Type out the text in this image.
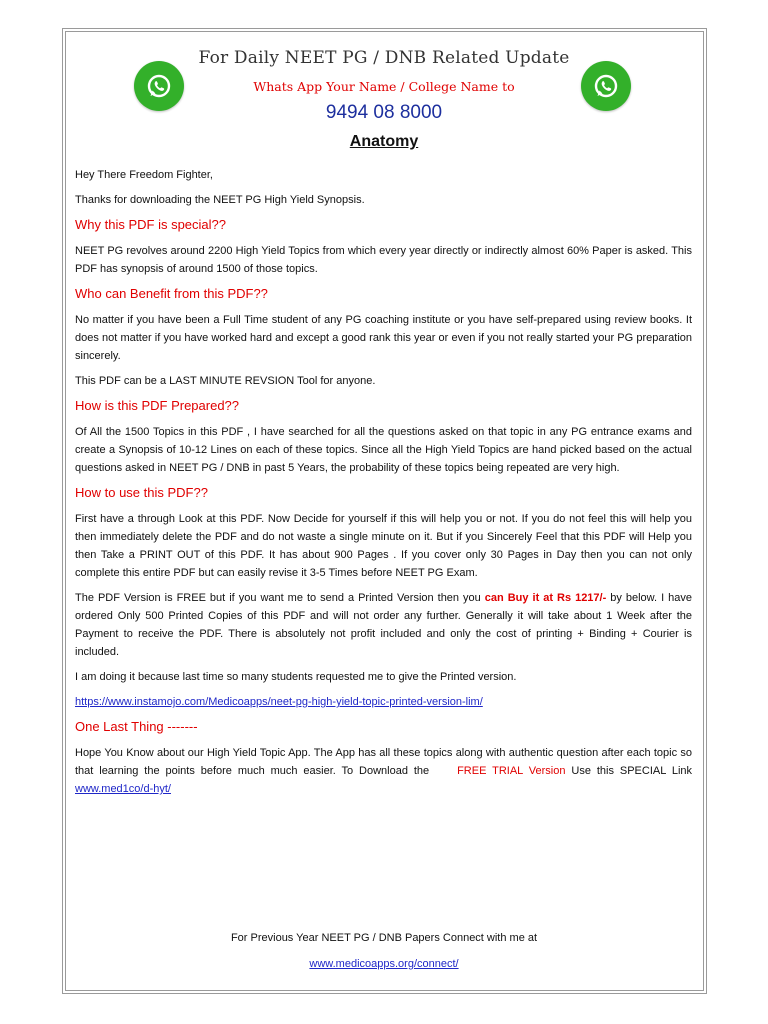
For Daily NEET PG / DNB Related Update
Whats App Your Name / College Name to
9494 08 8000
Anatomy

Hey There Freedom Fighter,

Thanks for downloading the NEET PG High Yield Synopsis.

Why this PDF is special??

NEET PG revolves around 2200 High Yield Topics from which every year directly or indirectly almost 60% Paper is asked. This PDF has synopsis of around 1500 of those topics.

Who can Benefit from this PDF??

No matter if you have been a Full Time student of any PG coaching institute or you have self-prepared using review books. It does not matter if you have worked hard and except a good rank this year or even if you not really started your PG preparation sincerely.

This PDF can be a LAST MINUTE REVSION Tool for anyone.

How is this PDF Prepared??

Of All the 1500 Topics in this PDF , I have searched for all the questions asked on that topic in any PG entrance exams and create a Synopsis of 10-12 Lines on each of these topics. Since all the High Yield Topics are hand picked based on the actual questions asked in NEET PG / DNB in past 5 Years, the probability of these topics being repeated are very high.

How to use this PDF??

First have a through Look at this PDF. Now Decide for yourself if this will help you or not. If you do not feel this will help you then immediately delete the PDF and do not waste a single minute on it. But if you Sincerely Feel that this PDF will Help you then Take a PRINT OUT of this PDF. It has about 900 Pages . If you cover only 30 Pages in Day then you can not only complete this entire PDF but can easily revise it 3-5 Times before NEET PG Exam.

The PDF Version is FREE but if you want me to send a Printed Version then you can Buy it at Rs 1217/- by below. I have ordered Only 500 Printed Copies of this PDF and will not order any further. Generally it will take about 1 Week after the Payment to receive the PDF. There is absolutely not profit included and only the cost of printing + Binding + Courier is included.

I am doing it because last time so many students requested me to give the Printed version.

https://www.instamojo.com/Medicoapps/neet-pg-high-yield-topic-printed-version-lim/

One Last Thing -------

Hope You Know about our High Yield Topic App. The App has all these topics along with authentic question after each topic so that learning the points before much much easier. To Download the FREE TRIAL Version Use this SPECIAL Link www.med1co/d-hyt/

For Previous Year NEET PG / DNB Papers Connect with me at
www.medicoapps.org/connect/
